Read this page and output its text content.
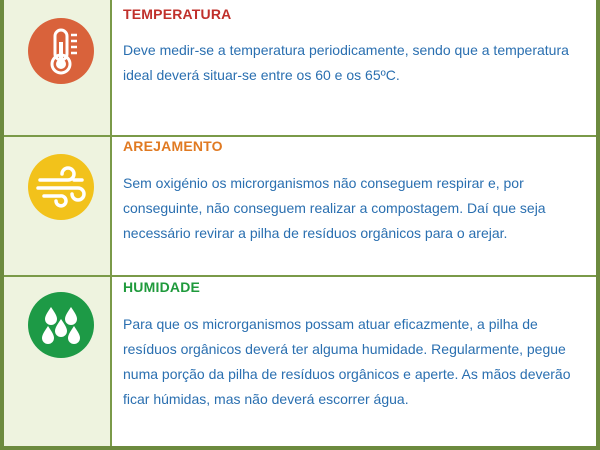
TEMPERATURA

Deve medir-se a temperatura periodicamente, sendo que a temperatura ideal deverá situar-se entre os 60 e os 65ºC.

AREJAMENTO

Sem oxigénio os microrganismos não conseguem respirar e, por conseguinte, não conseguem realizar a compostagem. Daí que seja necessário revirar a pilha de resíduos orgânicos para o arejar.

HUMIDADE

Para que os microrganismos possam atuar eficazmente, a pilha de resíduos orgânicos deverá ter alguma humidade. Regularmente, pegue numa porção da pilha de resíduos orgânicos e aperte. As mãos deverão ficar húmidas, mas não deverá escorrer água.
